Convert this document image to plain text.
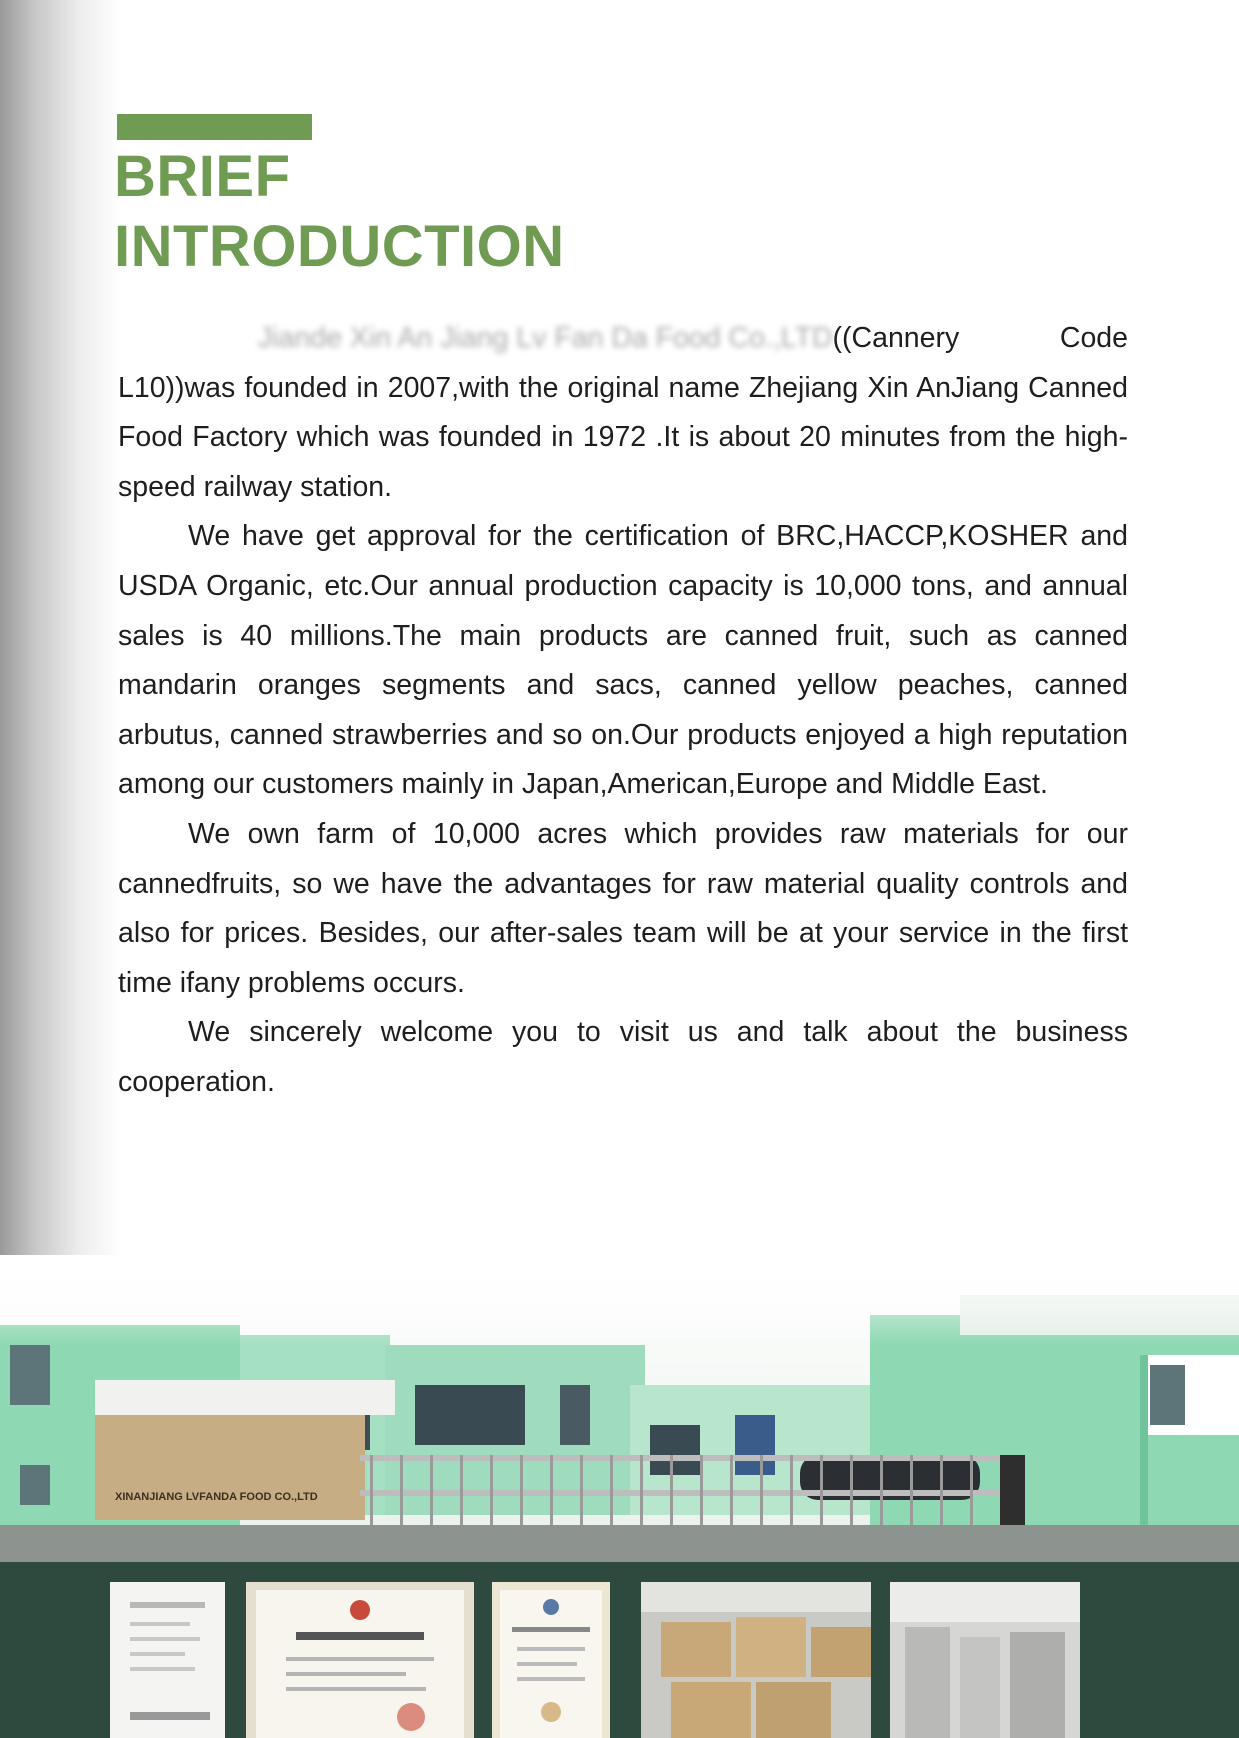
BRIEF
INTRODUCTION

Jiande Xin An Jiang Lv Fan Da Food Co.,LTD((Cannery Code L10))was founded in 2007,with the original name Zhejiang Xin AnJiang Canned Food Factory which was founded in 1972 .It is about 20 minutes from the high-speed railway station.

We have get approval for the certification of BRC,HACCP,KOSHER and USDA Organic, etc.Our annual production capacity is 10,000 tons, and annual sales is 40 millions.The main products are canned fruit, such as canned mandarin oranges segments and sacs, canned yellow peaches, canned arbutus, canned strawberries and so on.Our products enjoyed a high reputation among our customers mainly in Japan,American,Europe and Middle East.

We own farm of 10,000 acres which provides raw materials for our cannedfruits, so we have the advantages for raw material quality controls and also for prices. Besides, our after-sales team will be at your service in the first time ifany problems occurs.

We sincerely welcome you to visit us and talk about the business cooperation.

XINANJIANG LVFANDA FOOD CO.,LTD
